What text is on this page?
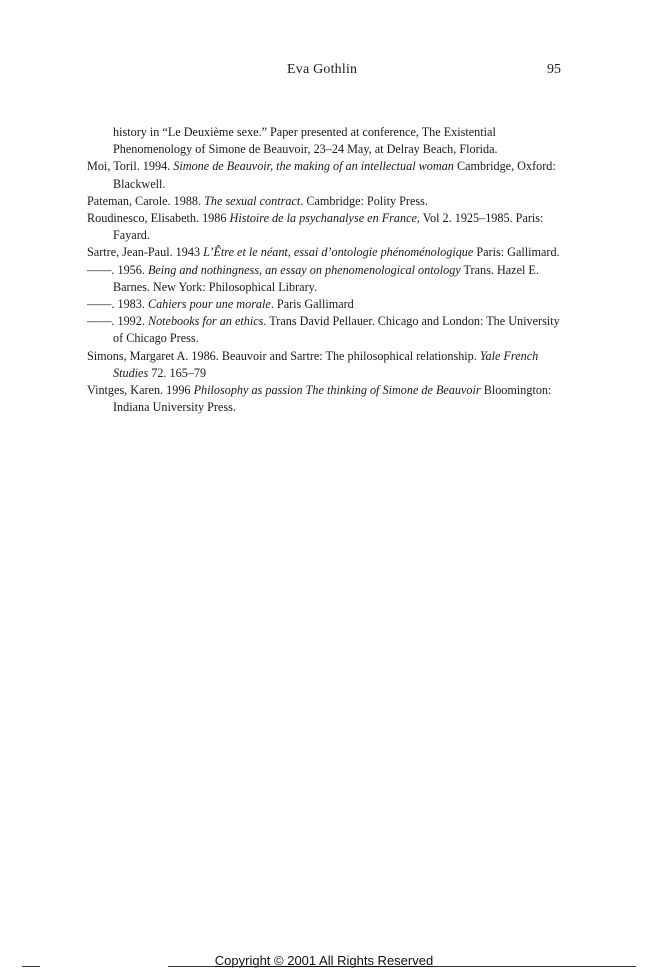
Eva Gothlin	95

history in “Le Deuxième sexe.” Paper presented at conference, The Existential Phenomenology of Simone de Beauvoir, 23–24 May, at Delray Beach, Florida.

Moi, Toril. 1994. Simone de Beauvoir, the making of an intellectual woman Cambridge, Oxford: Blackwell.

Pateman, Carole. 1988. The sexual contract. Cambridge: Polity Press.

Roudinesco, Elisabeth. 1986 Histoire de la psychanalyse en France, Vol 2. 1925–1985. Paris: Fayard.

Sartre, Jean-Paul. 1943 L’Être et le néant, essai d’ontologie phénoménologique Paris: Gallimard.

——. 1956. Being and nothingness, an essay on phenomenological ontology Trans. Hazel E. Barnes. New York: Philosophical Library.

——. 1983. Cahiers pour une morale. Paris Gallimard

——. 1992. Notebooks for an ethics. Trans David Pellauer. Chicago and London: The University of Chicago Press.

Simons, Margaret A. 1986. Beauvoir and Sartre: The philosophical relationship. Yale French Studies 72. 165–79

Vintges, Karen. 1996 Philosophy as passion The thinking of Simone de Beauvoir Bloomington: Indiana University Press.

Copyright © 2001 All Rights Reserved
